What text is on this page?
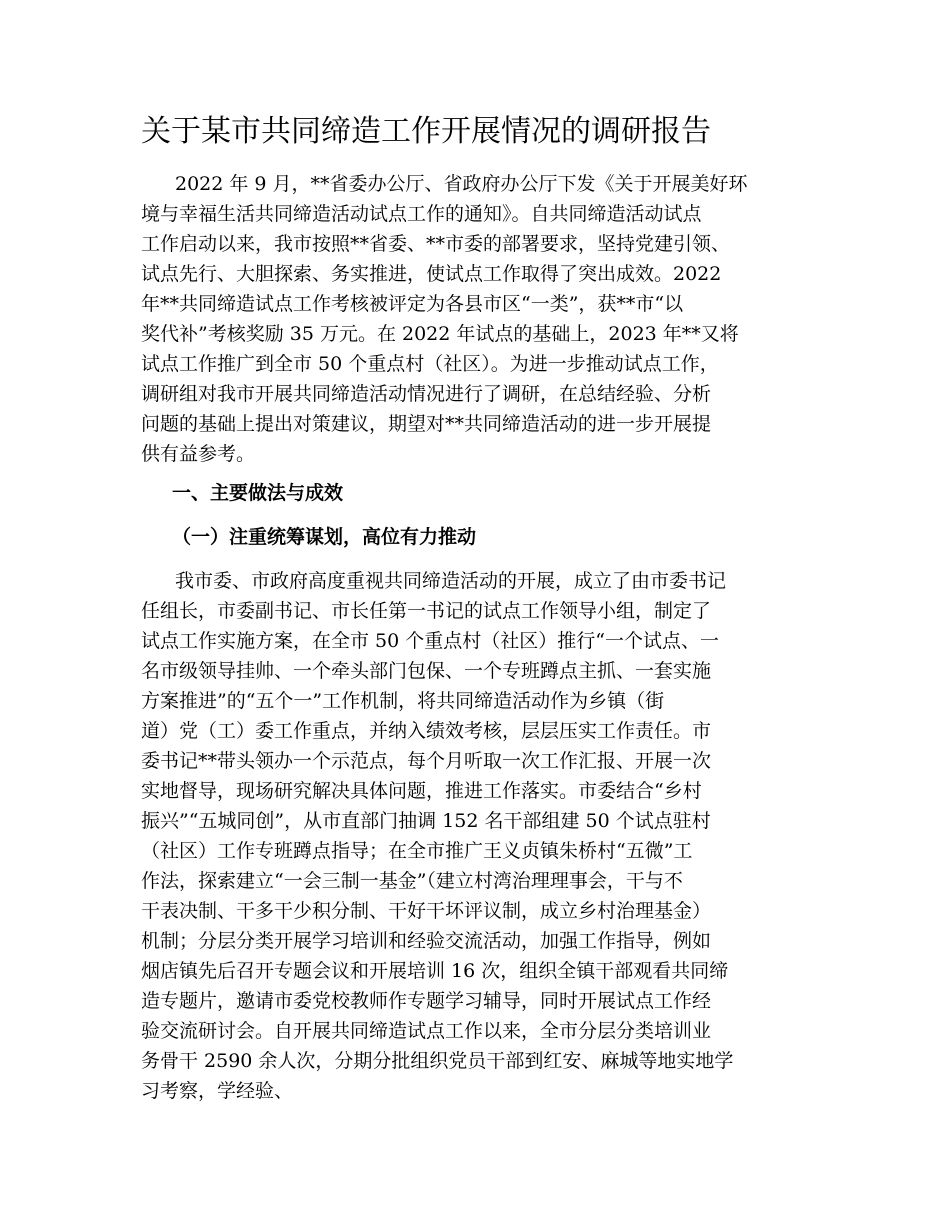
关于某市共同缔造工作开展情况的调研报告
2022 年 9 月，**省委办公厅、省政府办公厅下发《关于开展美好环
境与幸福生活共同缔造活动试点工作的通知》。自共同缔造活动试点
工作启动以来，我市按照**省委、**市委的部署要求，坚持党建引领、
试点先行、大胆探索、务实推进，使试点工作取得了突出成效。2022
年**共同缔造试点工作考核被评定为各县市区“一类”，获**市“以
奖代补”考核奖励 35 万元。在 2022 年试点的基础上，2023 年**又将
试点工作推广到全市 50 个重点村（社区）。为进一步推动试点工作，
调研组对我市开展共同缔造活动情况进行了调研，在总结经验、分析
问题的基础上提出对策建议，期望对**共同缔造活动的进一步开展提
供有益参考。
一、主要做法与成效
（一）注重统筹谋划，高位有力推动
我市委、市政府高度重视共同缔造活动的开展，成立了由市委书记
任组长，市委副书记、市长任第一书记的试点工作领导小组，制定了
试点工作实施方案，在全市 50 个重点村（社区）推行“一个试点、一
名市级领导挂帅、一个牵头部门包保、一个专班蹲点主抓、一套实施
方案推进”的“五个一”工作机制，将共同缔造活动作为乡镇（街
道）党（工）委工作重点，并纳入绩效考核，层层压实工作责任。市
委书记**带头领办一个示范点，每个月听取一次工作汇报、开展一次
实地督导，现场研究解决具体问题，推进工作落实。市委结合“乡村
振兴”“五城同创”，从市直部门抽调 152 名干部组建 50 个试点驻村
（社区）工作专班蹲点指导；在全市推广王义贞镇朱桥村“五微”工
作法，探索建立“一会三制一基金”（建立村湾治理理事会，干与不
干表决制、干多干少积分制、干好干坏评议制，成立乡村治理基金）
机制；分层分类开展学习培训和经验交流活动，加强工作指导，例如
烟店镇先后召开专题会议和开展培训 16 次，组织全镇干部观看共同缔
造专题片，邀请市委党校教师作专题学习辅导，同时开展试点工作经
验交流研讨会。自开展共同缔造试点工作以来，全市分层分类培训业
务骨干 2590 余人次，分期分批组织党员干部到红安、麻城等地实地学
习考察，学经验、
